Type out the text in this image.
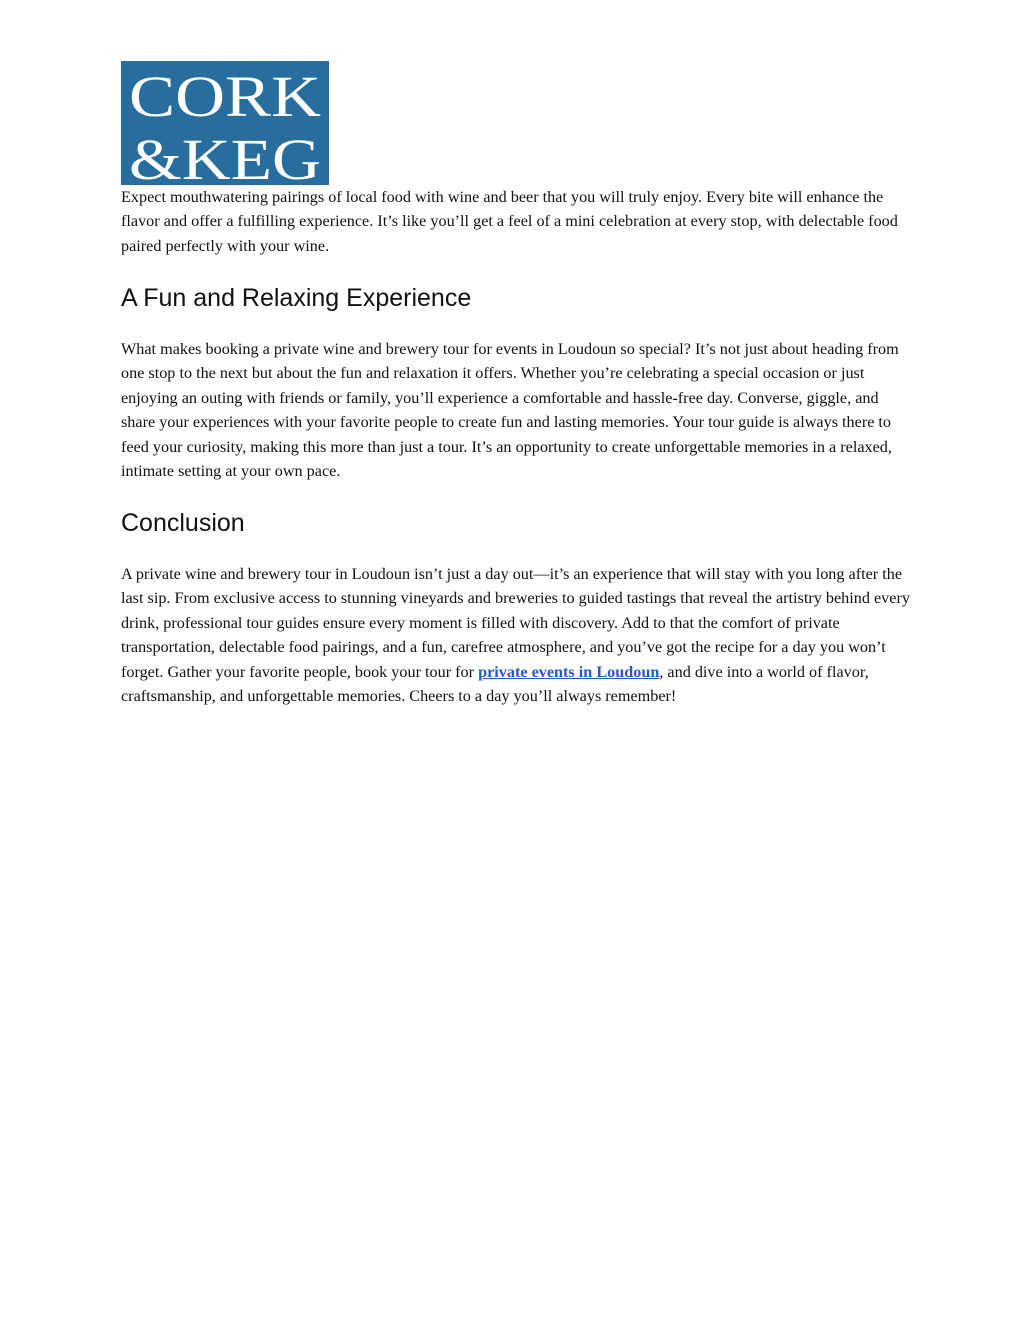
CORK
&KEG

Expect mouthwatering pairings of local food with wine and beer that you will truly enjoy. Every bite will enhance the flavor and offer a fulfilling experience. It’s like you’ll get a feel of a mini celebration at every stop, with delectable food paired perfectly with your wine.

A Fun and Relaxing Experience

What makes booking a private wine and brewery tour for events in Loudoun so special? It’s not just about heading from one stop to the next but about the fun and relaxation it offers. Whether you’re celebrating a special occasion or just enjoying an outing with friends or family, you’ll experience a comfortable and hassle-free day. Converse, giggle, and share your experiences with your favorite people to create fun and lasting memories. Your tour guide is always there to feed your curiosity, making this more than just a tour. It’s an opportunity to create unforgettable memories in a relaxed, intimate setting at your own pace.

Conclusion

A private wine and brewery tour in Loudoun isn’t just a day out—it’s an experience that will stay with you long after the last sip. From exclusive access to stunning vineyards and breweries to guided tastings that reveal the artistry behind every drink, professional tour guides ensure every moment is filled with discovery. Add to that the comfort of private transportation, delectable food pairings, and a fun, carefree atmosphere, and you’ve got the recipe for a day you won’t forget. Gather your favorite people, book your tour for private events in Loudoun, and dive into a world of flavor, craftsmanship, and unforgettable memories. Cheers to a day you’ll always remember!
